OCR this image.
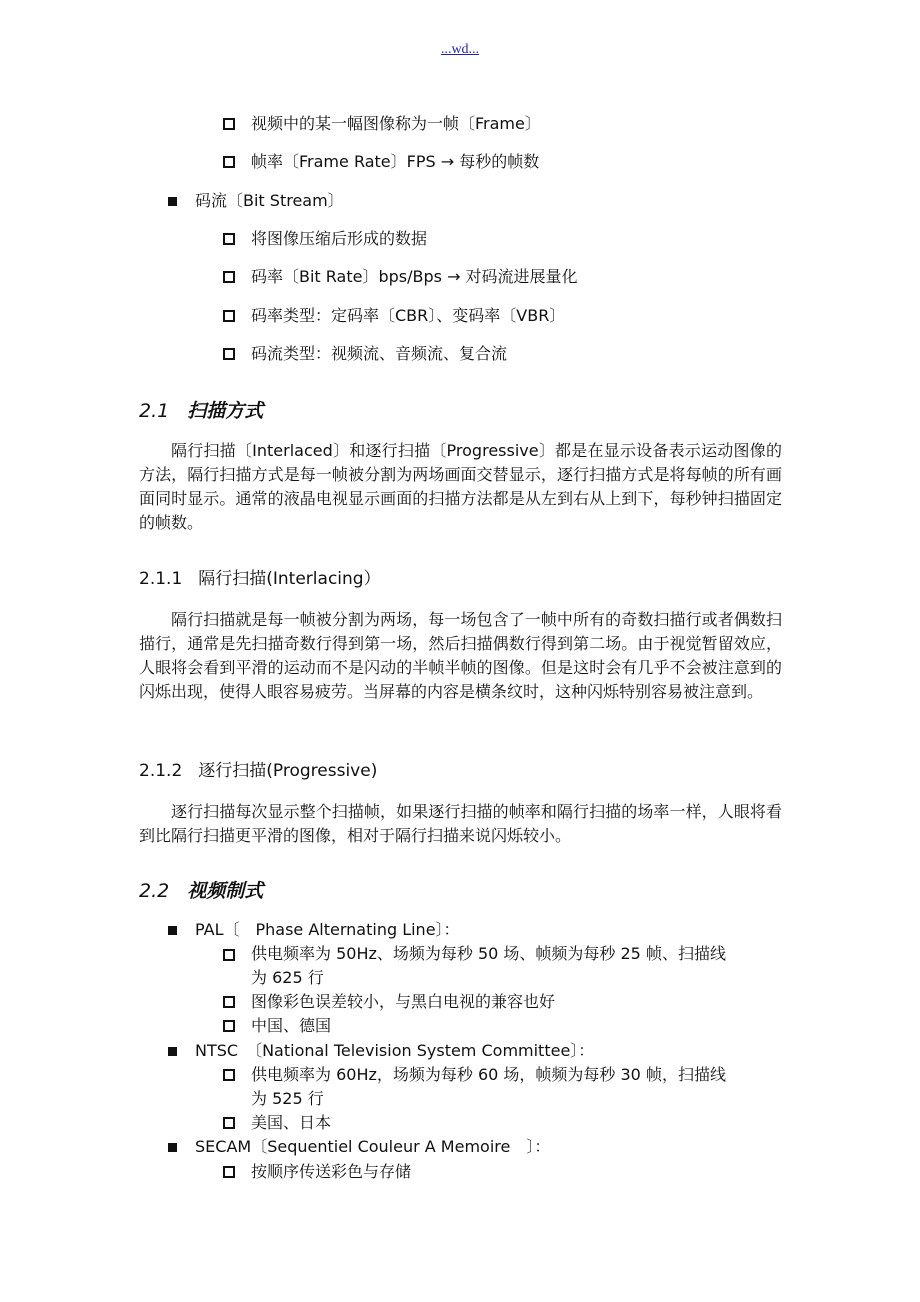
...wd...
视频中的某一幅图像称为一帧〔Frame〕
帧率〔Frame Rate〕FPS → 每秒的帧数
码流〔Bit Stream〕
将图像压缩后形成的数据
码率〔Bit Rate〕bps/Bps → 对码流进展量化
码率类型：定码率〔CBR〕、变码率〔VBR〕
码流类型：视频流、音频流、复合流
2.1 扫描方式
隔行扫描〔Interlaced〕和逐行扫描〔Progressive〕都是在显示设备表示运动图像的方法，隔行扫描方式是每一帧被分割为两场画面交替显示，逐行扫描方式是将每帧的所有画面同时显示。通常的液晶电视显示画面的扫描方法都是从左到右从上到下，每秒钟扫描固定的帧数。
2.1.1 隔行扫描(Interlacing）
隔行扫描就是每一帧被分割为两场，每一场包含了一帧中所有的奇数扫描行或者偶数扫描行，通常是先扫描奇数行得到第一场，然后扫描偶数行得到第二场。由于视觉暂留效应，人眼将会看到平滑的运动而不是闪动的半帧半帧的图像。但是这时会有几乎不会被注意到的闪烁出现，使得人眼容易疲劳。当屏幕的内容是横条纹时，这种闪烁特别容易被注意到。
2.1.2 逐行扫描(Progressive)
逐行扫描每次显示整个扫描帧，如果逐行扫描的帧率和隔行扫描的场率一样，人眼将看到比隔行扫描更平滑的图像，相对于隔行扫描来说闪烁较小。
2.2 视频制式
PAL〔　Phase Alternating Line〕：
供电频率为 50Hz、场频为每秒 50 场、帧频为每秒 25 帧、扫描线
为 625 行
图像彩色误差较小，与黑白电视的兼容也好
中国、德国
NTSC　〔National Television System Committee〕：
供电频率为 60Hz，场频为每秒 60 场，帧频为每秒 30 帧，扫描线
为 525 行
美国、日本
SECAM〔Sequentiel Couleur A Memoire　〕：
按顺序传送彩色与存储
